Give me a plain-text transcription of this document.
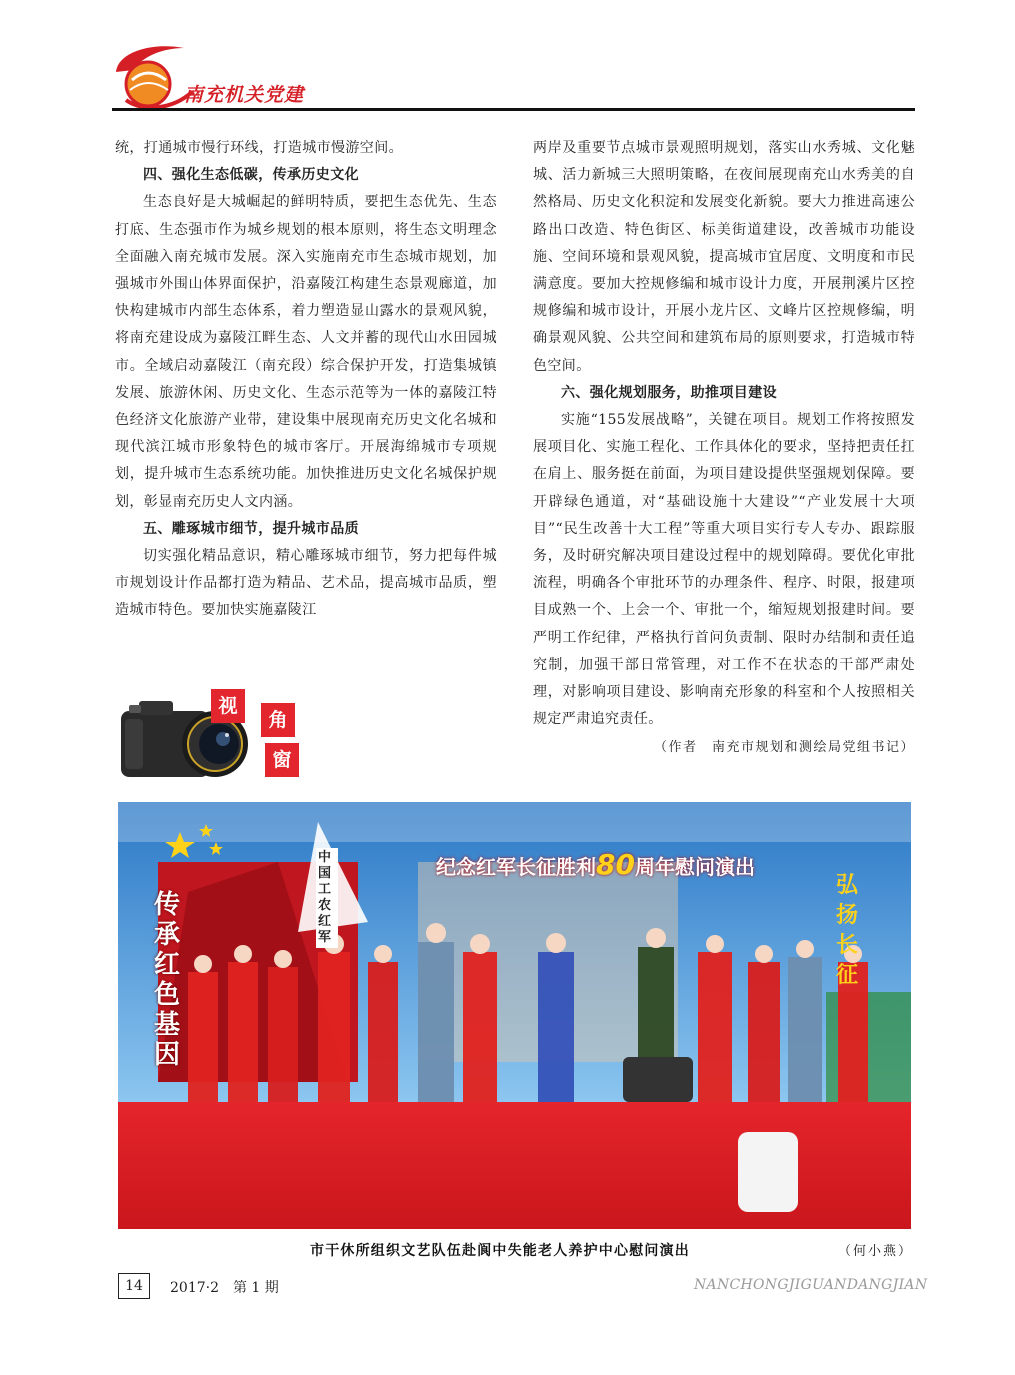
南充机关党建

统，打通城市慢行环线，打造城市慢游空间。

四、强化生态低碳，传承历史文化

生态良好是大城崛起的鲜明特质，要把生态优先、生态打底、生态强市作为城乡规划的根本原则，将生态文明理念全面融入南充城市发展。深入实施南充市生态城市规划，加强城市外围山体界面保护，沿嘉陵江构建生态景观廊道，加快构建城市内部生态体系，着力塑造显山露水的景观风貌，将南充建设成为嘉陵江畔生态、人文并蓄的现代山水田园城市。全域启动嘉陵江（南充段）综合保护开发，打造集城镇发展、旅游休闲、历史文化、生态示范等为一体的嘉陵江特色经济文化旅游产业带，建设集中展现南充历史文化名城和现代滨江城市形象特色的城市客厅。开展海绵城市专项规划，提升城市生态系统功能。加快推进历史文化名城保护规划，彰显南充历史人文内涵。

五、雕琢城市细节，提升城市品质

切实强化精品意识，精心雕琢城市细节，努力把每件城市规划设计作品都打造为精品、艺术品，提高城市品质，塑造城市特色。要加快实施嘉陵江

两岸及重要节点城市景观照明规划，落实山水秀城、文化魅城、活力新城三大照明策略，在夜间展现南充山水秀美的自然格局、历史文化积淀和发展变化新貌。要大力推进高速公路出口改造、特色街区、标美街道建设，改善城市功能设施、空间环境和景观风貌，提高城市宜居度、文明度和市民满意度。要加大控规修编和城市设计力度，开展荆溪片区控规修编和城市设计，开展小龙片区、文峰片区控规修编，明确景观风貌、公共空间和建筑布局的原则要求，打造城市特色空间。

六、强化规划服务，助推项目建设

实施“155发展战略”，关键在项目。规划工作将按照发展项目化、实施工程化、工作具体化的要求，坚持把责任扛在肩上、服务挺在前面，为项目建设提供坚强规划保障。要开辟绿色通道，对“基础设施十大建设”“产业发展十大项目”“民生改善十大工程”等重大项目实行专人专办、跟踪服务，及时研究解决项目建设过程中的规划障碍。要优化审批流程，明确各个审批环节的办理条件、程序、时限，报建项目成熟一个、上会一个、审批一个，缩短规划报建时间。要严明工作纪律，严格执行首问负责制、限时办结制和责任追究制，加强干部日常管理，对工作不在状态的干部严肃处理，对影响项目建设、影响南充形象的科室和个人按照相关规定严肃追究责任。

（作者　南充市规划和测绘局党组书记）
视
角
窗
纪念红军长征胜利80周年慰问演出
传承红色基因
弘扬长征
中国工农红军
市干休所组织文艺队伍赴阆中失能老人养护中心慰问演出	（何小燕）
14	2017·2　第 1 期	NANCHONGJIGUANDANGJIAN
